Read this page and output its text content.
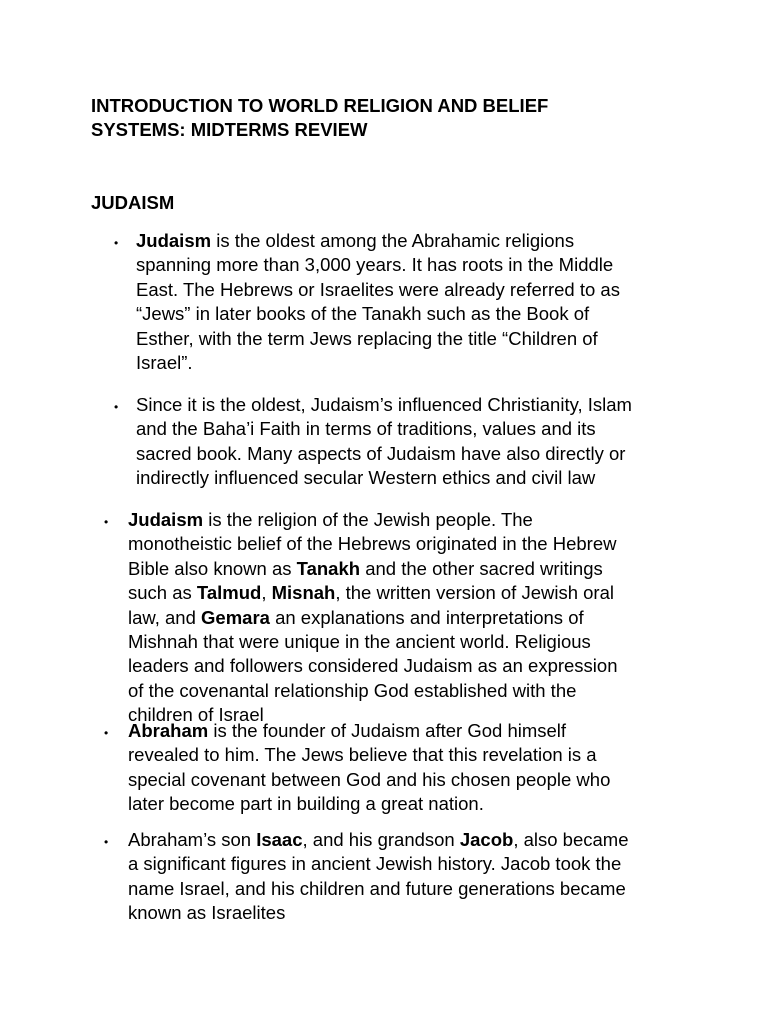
INTRODUCTION TO WORLD RELIGION AND BELIEF
SYSTEMS: MIDTERMS REVIEW
JUDAISM
• Judaism is the oldest among the Abrahamic religions
spanning more than 3,000 years. It has roots in the Middle
East. The Hebrews or Israelites were already referred to as
“Jews” in later books of the Tanakh such as the Book of
Esther, with the term Jews replacing the title “Children of
Israel”.

• Since it is the oldest, Judaism’s influenced Christianity, Islam
and the Baha’i Faith in terms of traditions, values and its
sacred book. Many aspects of Judaism have also directly or
indirectly influenced secular Western ethics and civil law

• Judaism is the religion of the Jewish people. The
monotheistic belief of the Hebrews originated in the Hebrew
Bible also known as Tanakh and the other sacred writings
such as Talmud, Misnah, the written version of Jewish oral
law, and Gemara an explanations and interpretations of
Mishnah that were unique in the ancient world. Religious
leaders and followers considered Judaism as an expression
of the covenantal relationship God established with the
children of Israel

• Abraham is the founder of Judaism after God himself
revealed to him. The Jews believe that this revelation is a
special covenant between God and his chosen people who
later become part in building a great nation.

• Abraham’s son Isaac, and his grandson Jacob, also became
a significant figures in ancient Jewish history. Jacob took the
name Israel, and his children and future generations became
known as Israelites
